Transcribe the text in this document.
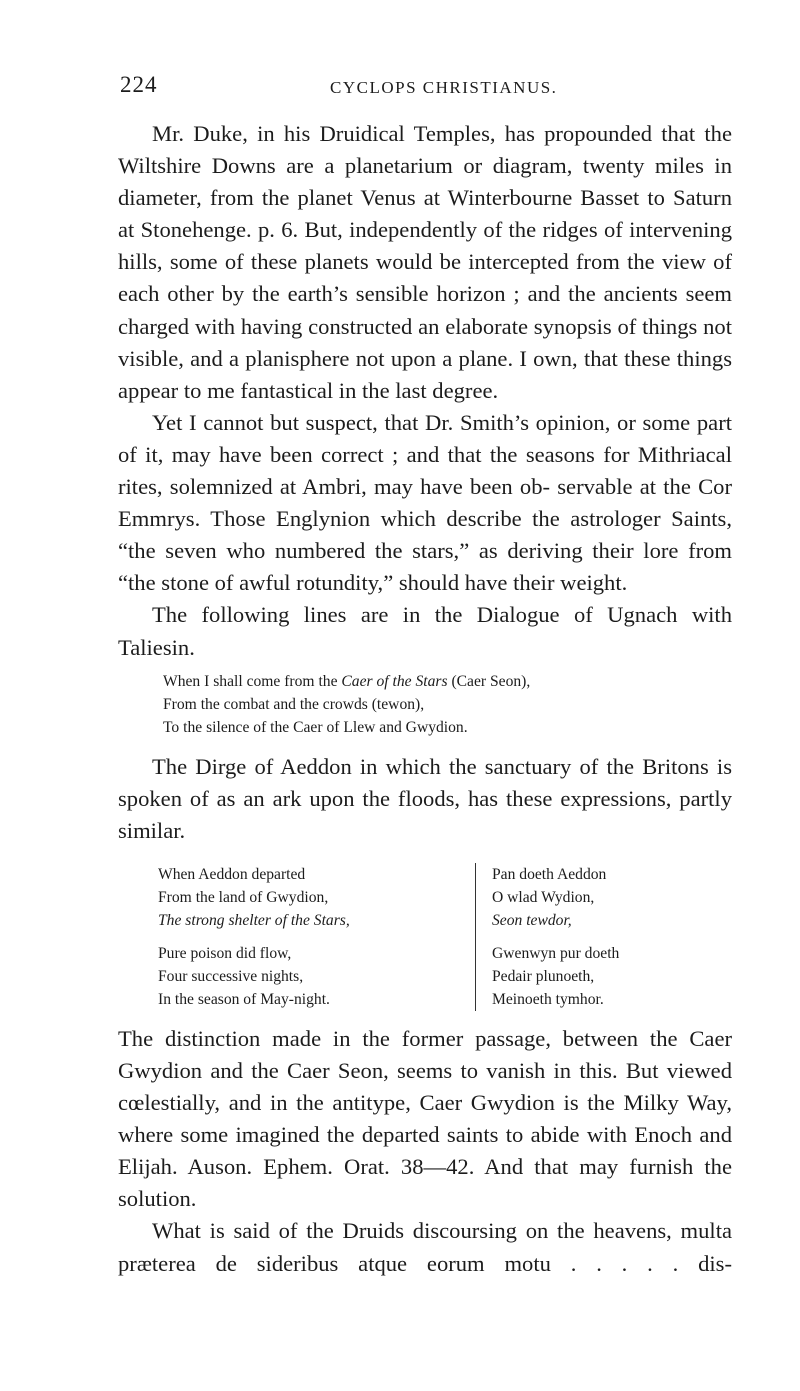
224	CYCLOPS CHRISTIANUS.

Mr. Duke, in his Druidical Temples, has propounded that the Wiltshire Downs are a planetarium or diagram, twenty miles in diameter, from the planet Venus at Winterbourne Basset to Saturn at Stonehenge. p. 6. But, independently of the ridges of intervening hills, some of these planets would be intercepted from the view of each other by the earth’s sensible horizon ; and the ancients seem charged with having constructed an elaborate synopsis of things not visible, and a planisphere not upon a plane. I own, that these things appear to me fantastical in the last degree.

Yet I cannot but suspect, that Dr. Smith’s opinion, or some part of it, may have been correct ; and that the seasons for Mithriacal rites, solemnized at Ambri, may have been ob- servable at the Cor Emmrys. Those Englynion which describe the astrologer Saints, “the seven who numbered the stars,” as deriving their lore from “the stone of awful rotundity,” should have their weight.

The following lines are in the Dialogue of Ugnach with Taliesin.

When I shall come from the Caer of the Stars (Caer Seon),
From the combat and the crowds (tewon),
To the silence of the Caer of Llew and Gwydion.

The Dirge of Aeddon in which the sanctuary of the Britons is spoken of as an ark upon the floods, has these expressions, partly similar.

When Aeddon departed
From the land of Gwydion,
The strong shelter of the Stars,
Pure poison did flow,
Four successive nights,
In the season of May-night.
Pan doeth Aeddon
O wlad Wydion,
Seon tewdor,
Gwenwyn pur doeth
Pedair plunoeth,
Meinoeth tymhor.

The distinction made in the former passage, between the Caer Gwydion and the Caer Seon, seems to vanish in this. But viewed cœlestially, and in the antitype, Caer Gwydion is the Milky Way, where some imagined the departed saints to abide with Enoch and Elijah. Auson. Ephem. Orat. 38—42. And that may furnish the solution.

What is said of the Druids discoursing on the heavens, multa præterea de sideribus atque eorum motu . . . . . dis-
